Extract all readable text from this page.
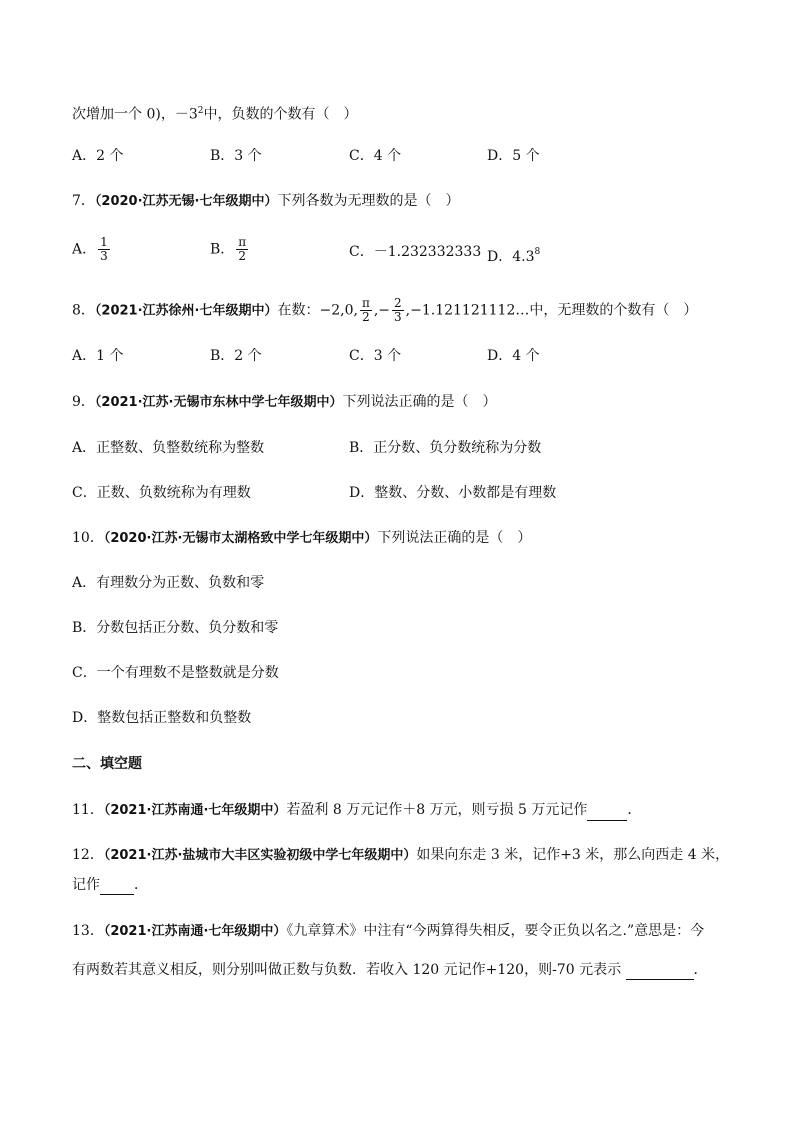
次增加一个 0)，$-3^2$中，负数的个数有（　）
A．2 个	B．3 个	C．4 个	D．5 个
7．（2020·江苏无锡·七年级期中）下列各数为无理数的是（　）
A． $\frac{1}{3}$	B． $\frac{\pi}{2}$	C．－1.232332333 D．$4.3^8$
8．（2021·江苏徐州·七年级期中）在数：−2,0, $\frac{\pi}{2}$ ,− $\frac{2}{3}$ ,−1.121121112…中，无理数的个数有（　）
A．1 个	B．2 个	C．3 个	D．4 个
9．（2021·江苏·无锡市东林中学七年级期中）下列说法正确的是（　）
A．正整数、负整数统称为整数	B．正分数、负分数统称为分数
C．正数、负数统称为有理数	D．整数、分数、小数都是有理数
10．（2020·江苏·无锡市太湖格致中学七年级期中）下列说法正确的是（　）
A．有理数分为正数、负数和零
B．分数包括正分数、负分数和零
C．一个有理数不是整数就是分数
D．整数包括正整数和负整数
二、填空题
11．（2021·江苏南通·七年级期中）若盈利 8 万元记作＋8 万元，则亏损 5 万元记作	．
12．（2021·江苏·盐城市大丰区实验初级中学七年级期中）如果向东走 3 米，记作+3 米，那么向西走 4 米，
记作 ．
13．（2021·江苏南通·七年级期中）《九章算术》中注有“今两算得失相反，要令正负以名之.”意思是：今
有两数若其意义相反，则分别叫做正数与负数．若收入 120 元记作+120，则-70 元表示	．
